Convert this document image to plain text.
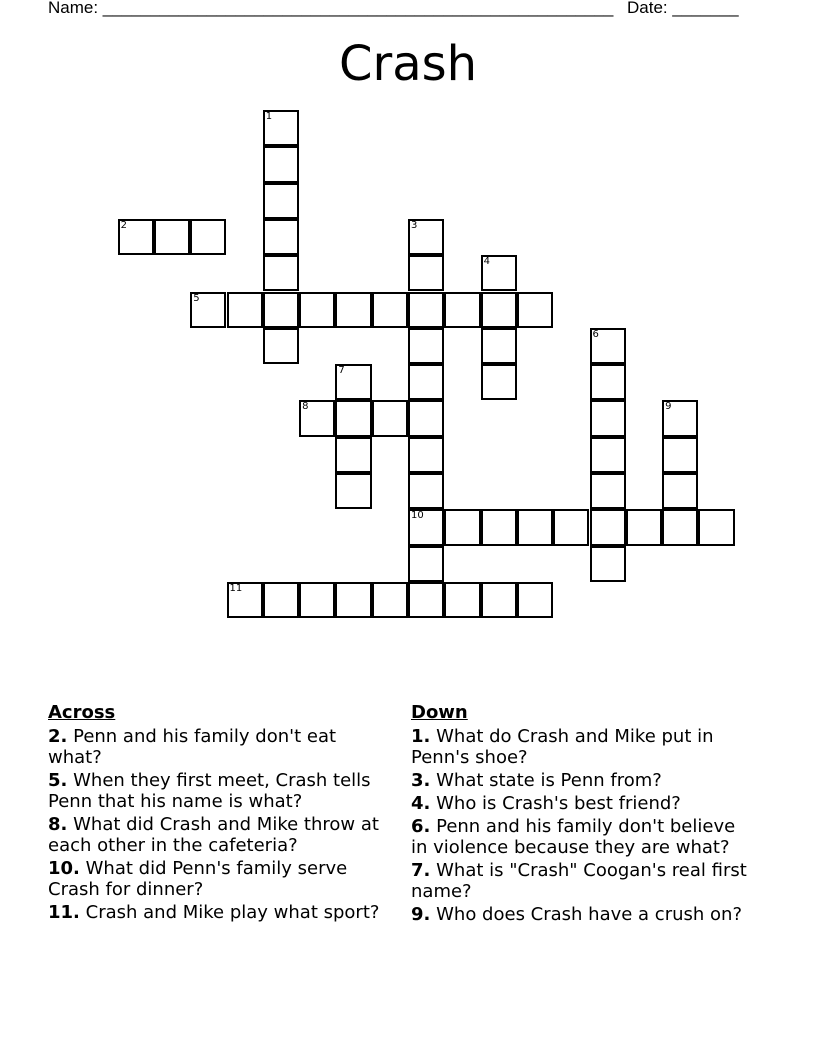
Name: ______________________________________________________ Date: _______
Crash
1
2	3
10
4
5
6
7
8	9
11
Across
2. Penn and his family don't eat what?
5. When they first meet, Crash tells Penn that his name is what?
8. What did Crash and Mike throw at each other in the cafeteria?
10. What did Penn's family serve Crash for dinner?
11. Crash and Mike play what sport?
Down
1. What do Crash and Mike put in Penn's shoe?
3. What state is Penn from?
4. Who is Crash's best friend?
6. Penn and his family don't believe in violence because they are what?
7. What is "Crash" Coogan's real first name?
9. Who does Crash have a crush on?
